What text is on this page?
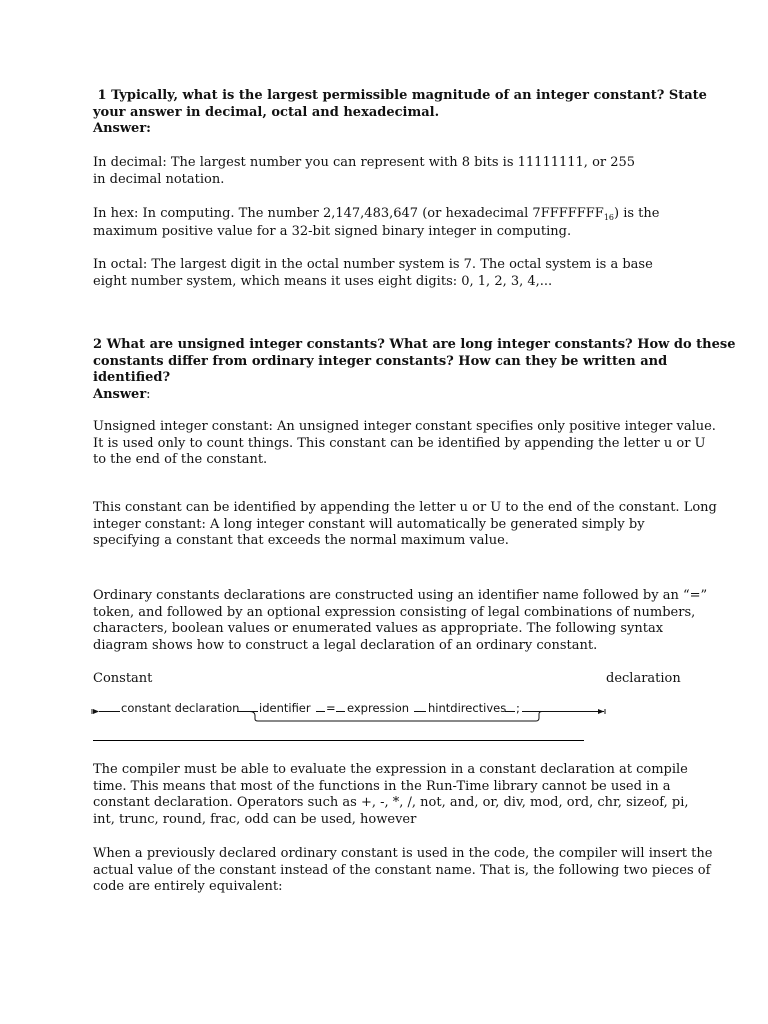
1 Typically, what is the largest permissible magnitude of an integer constant? State
your answer in decimal, octal and hexadecimal.
Answer:
In decimal: The largest number you can represent with 8 bits is 11111111, or 255
in decimal notation.
In hex: In computing. The number 2,147,483,647 (or hexadecimal $7FFFFFFF_{16}$) is the
maximum positive value for a 32-bit signed binary integer in computing.
In octal: The largest digit in the octal number system is 7. The octal system is a base
eight number system, which means it uses eight digits: 0, 1, 2, 3, 4,...
2 What are unsigned integer constants? What are long integer constants? How do these
constants differ from ordinary integer constants? How can they be written and
identified?
Answer:
Unsigned integer constant: An unsigned integer constant specifies only positive integer value.
It is used only to count things. This constant can be identified by appending the letter u or U
to the end of the constant.
This constant can be identified by appending the letter u or U to the end of the constant. Long
integer constant: A long integer constant will automatically be generated simply by
specifying a constant that exceeds the normal maximum value.
Ordinary constants declarations are constructed using an identifier name followed by an “=”
token, and followed by an optional expression consisting of legal combinations of numbers,
characters, boolean values or enumerated values as appropriate. The following syntax
diagram shows how to construct a legal declaration of an ordinary constant.
Constant	declaration
constant declaration identifier = expression hintdirectives ;
The compiler must be able to evaluate the expression in a constant declaration at compile
time. This means that most of the functions in the Run-Time library cannot be used in a
constant declaration. Operators such as +, -, *, /, not, and, or, div, mod, ord, chr, sizeof, pi,
int, trunc, round, frac, odd can be used, however
When a previously declared ordinary constant is used in the code, the compiler will insert the
actual value of the constant instead of the constant name. That is, the following two pieces of
code are entirely equivalent:
